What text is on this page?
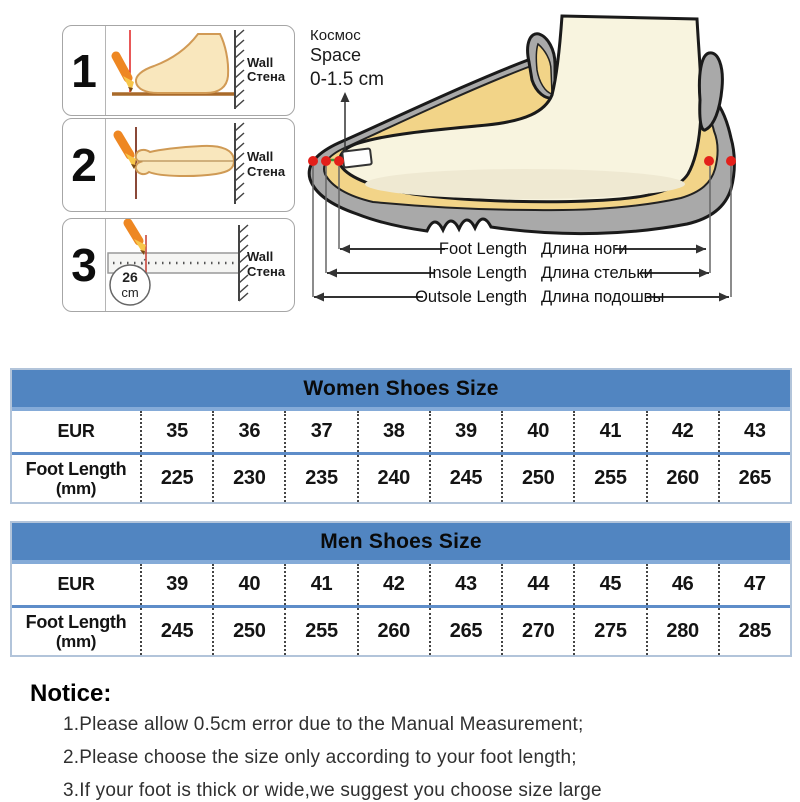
1	Wall
Стена
2	Wall
Стена
3	26
cm
Wall
Стена
Foot Length Длина ноги
Insole Length Длина стельки
Outsole Length Длина подошвы
Космос
Space
0-1.5 cm
Women Shoes Size
EUR	35	36	37	38	39	40	41	42	43
Foot Length
(mm)	225	230	235	240	245	250	255	260	265
Men Shoes Size
EUR	39	40	41	42	43	44	45	46	47
Foot Length
(mm)	245	250	255	260	265	270	275	280	285
Notice:
1.Please allow 0.5cm error due to the Manual Measurement;
2.Please choose the size only according to your foot length;
3.If your foot is thick or wide,we suggest you choose size large
